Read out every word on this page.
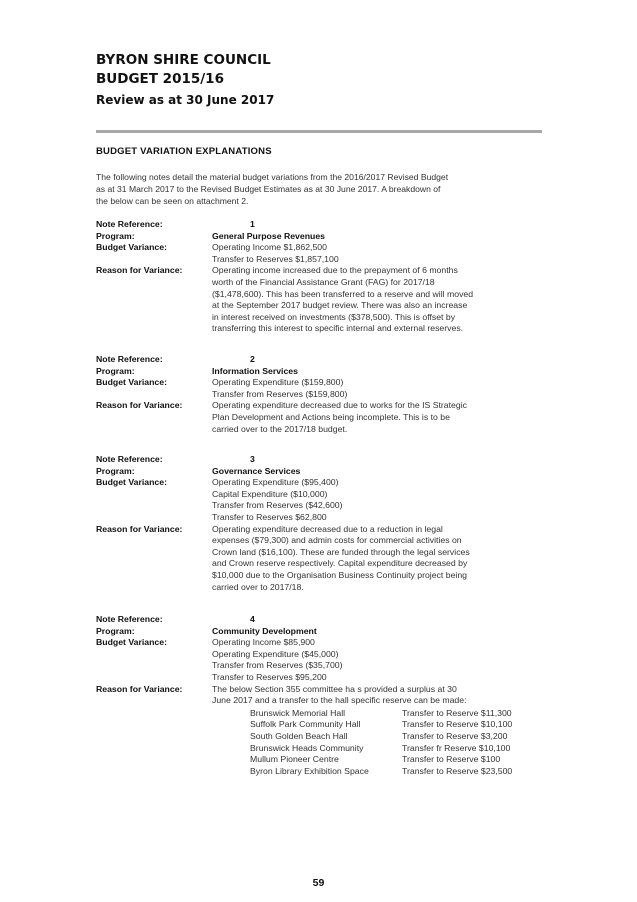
BYRON SHIRE COUNCIL
BUDGET 2015/16
Review as at 30 June 2017
BUDGET VARIATION EXPLANATIONS
The following notes detail the material budget variations from the 2016/2017 Revised Budget
as at 31 March 2017 to the Revised Budget Estimates as at 30 June 2017. A breakdown of
the below can be seen on attachment 2.
Note Reference:	1
Program:	General Purpose Revenues
Budget Variance:	Operating Income $1,862,500
Transfer to Reserves $1,857,100
Reason for Variance:	Operating income increased due to the prepayment of 6 months
worth of the Financial Assistance Grant (FAG) for 2017/18
($1,478,600). This has been transferred to a reserve and will moved
at the September 2017 budget review. There was also an increase
in interest received on investments ($378,500). This is offset by
transferring this interest to specific internal and external reserves.
Note Reference:	2
Program:	Information Services
Budget Variance:	Operating Expenditure ($159,800)
Transfer from Reserves ($159,800)
Reason for Variance:	Operating expenditure decreased due to works for the IS Strategic
Plan Development and Actions being incomplete. This is to be
carried over to the 2017/18 budget.
Note Reference:	3
Program:	Governance Services
Budget Variance:	Operating Expenditure ($95,400)
Capital Expenditure ($10,000)
Transfer from Reserves ($42,600)
Transfer to Reserves $62,800
Reason for Variance:	Operating expenditure decreased due to a reduction in legal
expenses ($79,300) and admin costs for commercial activities on
Crown land ($16,100). These are funded through the legal services
and Crown reserve respectively. Capital expenditure decreased by
$10,000 due to the Organisation Business Continuity project being
carried over to 2017/18.
Note Reference:	4
Program:	Community Development
Budget Variance:	Operating Income $85,900
Operating Expenditure ($45,000)
Transfer from Reserves ($35,700)
Transfer to Reserves $95,200
Reason for Variance:	The below Section 355 committee ha s provided a surplus at 30
June 2017 and a transfer to the hall specific reserve can be made:
Brunswick Memorial Hall	Transfer to Reserve $11,300
Suffolk Park Community Hall	Transfer to Reserve $10,100
South Golden Beach Hall	Transfer to Reserve $3,200
Brunswick Heads Community	Transfer fr Reserve $10,100
Mullum Pioneer Centre	Transfer to Reserve $100
Byron Library Exhibition Space	Transfer to Reserve $23,500
59
